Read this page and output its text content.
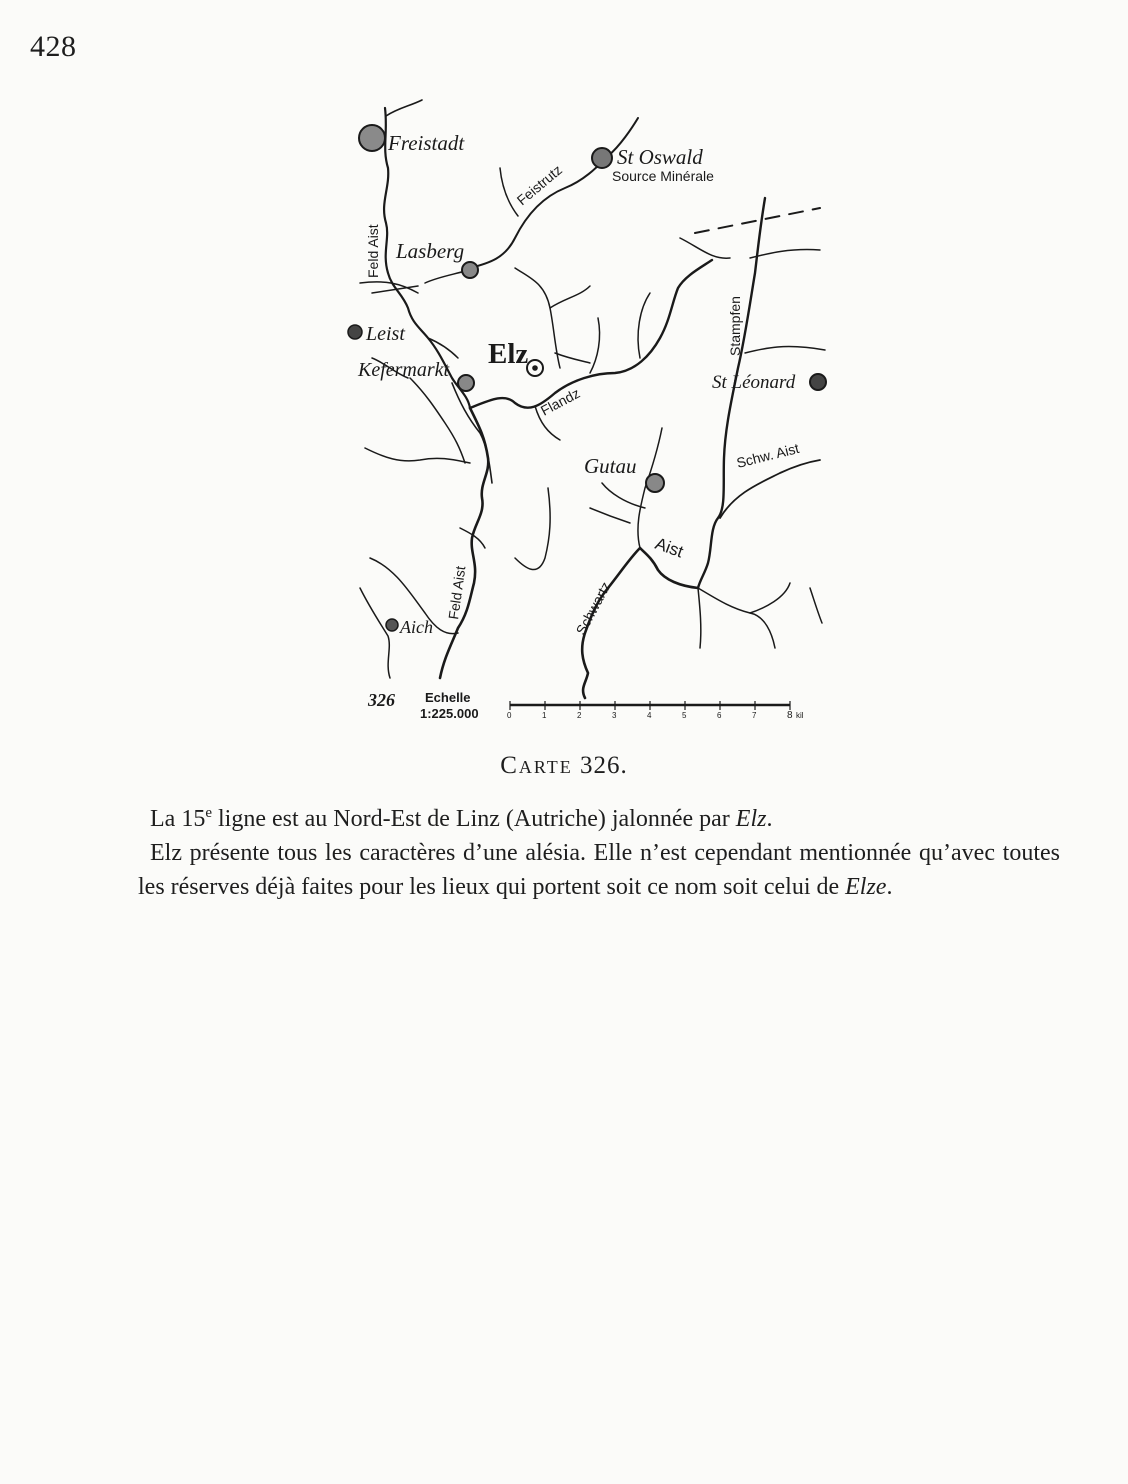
428
Freistadt
St Oswald
Source Minérale
Lasberg
Leist
Kefermarkt Elz
St Léonard
Gutau
Aich
Feld Aist
Feistrutz
Stampfen
Flandz
Schw. Aist
Feld Aist	Schwartz
Aist
326 Echelle
1:225.000	0	1	2	3	4	5	6	7	8 kil
Carte 326.

La 15e ligne est au Nord-Est de Linz (Autriche) jalonnée par Elz.

Elz présente tous les caractères d’une alésia. Elle n’est cependant mentionnée qu’avec toutes les réserves déjà faites pour les lieux qui portent soit ce nom soit celui de Elze.
